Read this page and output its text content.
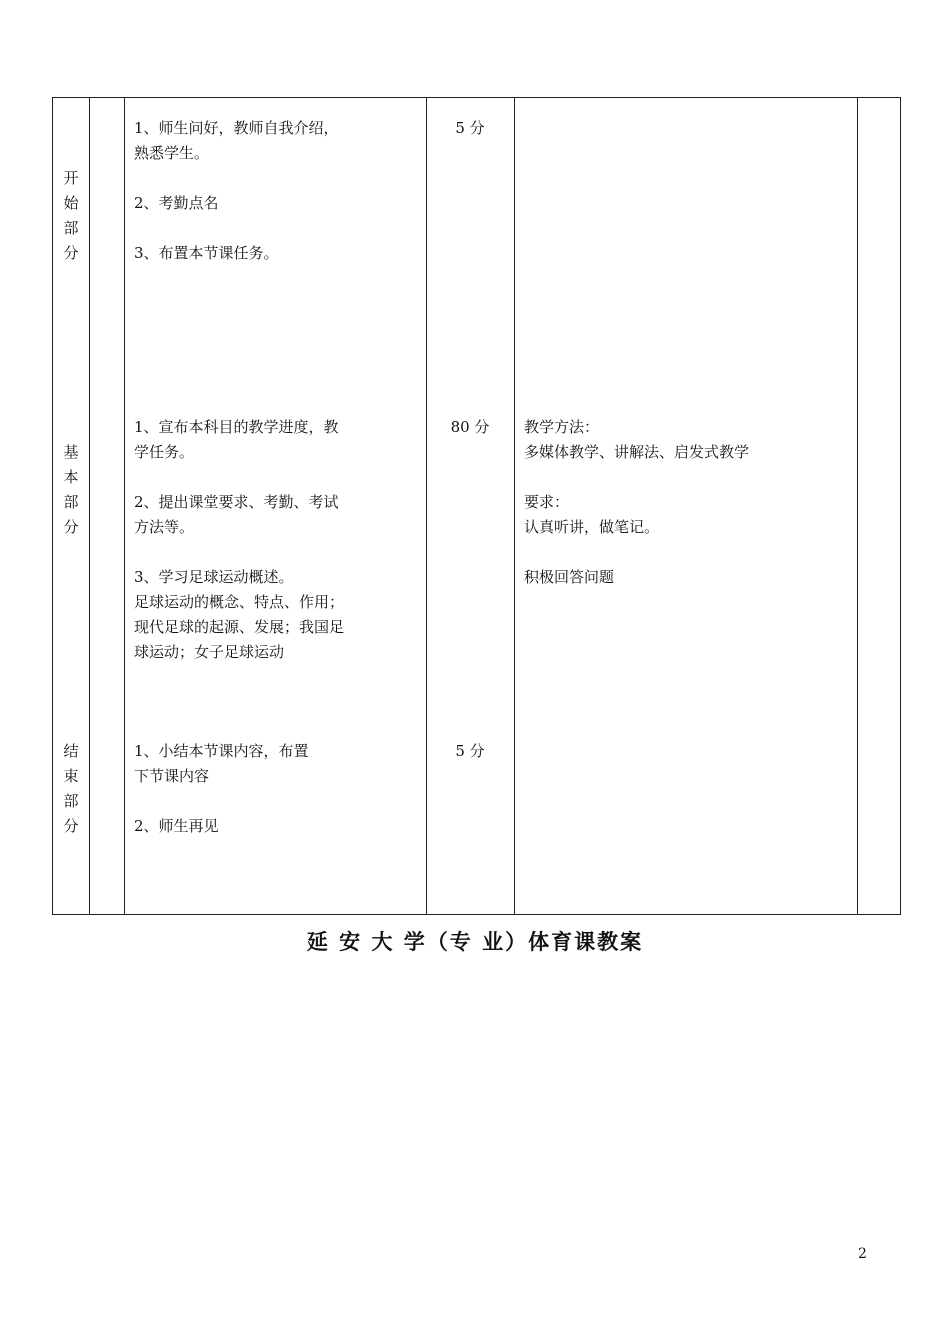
开
始
部
分

1、师生问好，教师自我介绍，

熟悉学生。

2、考勤点名

3、布置本节课任务。

5 分
基
本
部
分

1、宣布本科目的教学进度，教

学任务。

2、提出课堂要求、考勤、考试

方法等。

3、学习足球运动概述。

足球运动的概念、特点、作用；

现代足球的起源、发展；我国足

球运动；女子足球运动

80 分	教学方法：

多媒体教学、讲解法、启发式教学

要求：

认真听讲，做笔记。

积极回答问题

结
束
部
分

1、小结本节课内容，布置

下节课内容

2、师生再见

5 分
延 安 大 学（专 业）体育课教案
2
